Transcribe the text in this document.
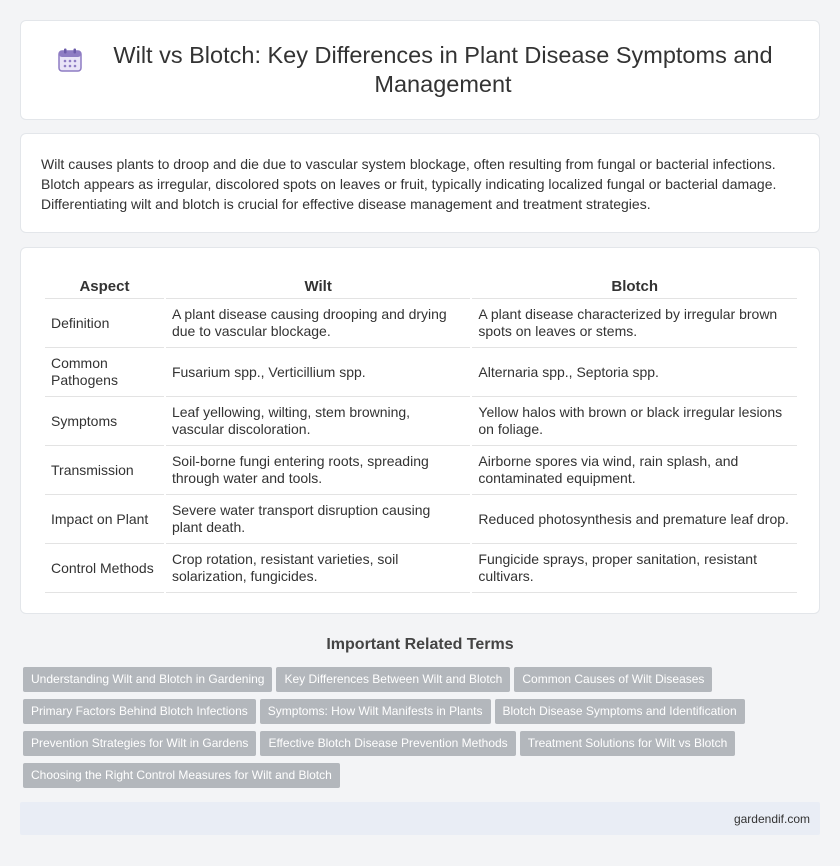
Wilt vs Blotch: Key Differences in Plant Disease Symptoms and Management

Wilt causes plants to droop and die due to vascular system blockage, often resulting from fungal or bacterial infections. Blotch appears as irregular, discolored spots on leaves or fruit, typically indicating localized fungal or bacterial damage. Differentiating wilt and blotch is crucial for effective disease management and treatment strategies.

Aspect	Wilt	Blotch
Definition	A plant disease causing drooping and drying due to vascular blockage.	A plant disease characterized by irregular brown spots on leaves or stems.
Common Pathogens	Fusarium spp., Verticillium spp.	Alternaria spp., Septoria spp.
Symptoms	Leaf yellowing, wilting, stem browning, vascular discoloration.	Yellow halos with brown or black irregular lesions on foliage.
Transmission	Soil-borne fungi entering roots, spreading through water and tools.	Airborne spores via wind, rain splash, and contaminated equipment.
Impact on Plant	Severe water transport disruption causing plant death.	Reduced photosynthesis and premature leaf drop.
Control Methods	Crop rotation, resistant varieties, soil solarization, fungicides.	Fungicide sprays, proper sanitation, resistant cultivars.
Important Related Terms
Understanding Wilt and Blotch in Gardening Key Differences Between Wilt and Blotch Common Causes of Wilt Diseases
Primary Factors Behind Blotch Infections Symptoms: How Wilt Manifests in Plants Blotch Disease Symptoms and Identification
Prevention Strategies for Wilt in Gardens Effective Blotch Disease Prevention Methods Treatment Solutions for Wilt vs Blotch
Choosing the Right Control Measures for Wilt and Blotch
gardendif.com
